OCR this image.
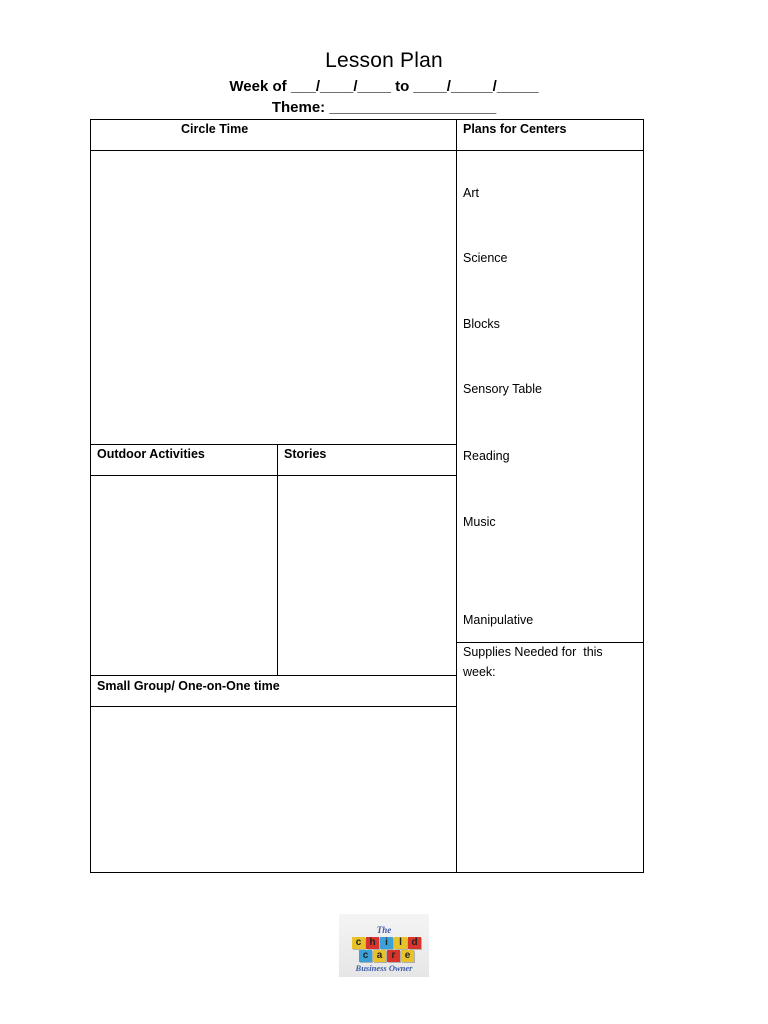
Lesson Plan
Week of ___/____/____ to ____/_____/_____
Theme: ____________________
Circle Time	Plans for Centers
Outdoor Activities	Stories
Small Group/ One-on-One time
Art
Science
Blocks
Sensory Table
Reading
Music
Manipulative
Supplies Needed for  this
week:
The
c h i	l d
c a r e
Business Owner
